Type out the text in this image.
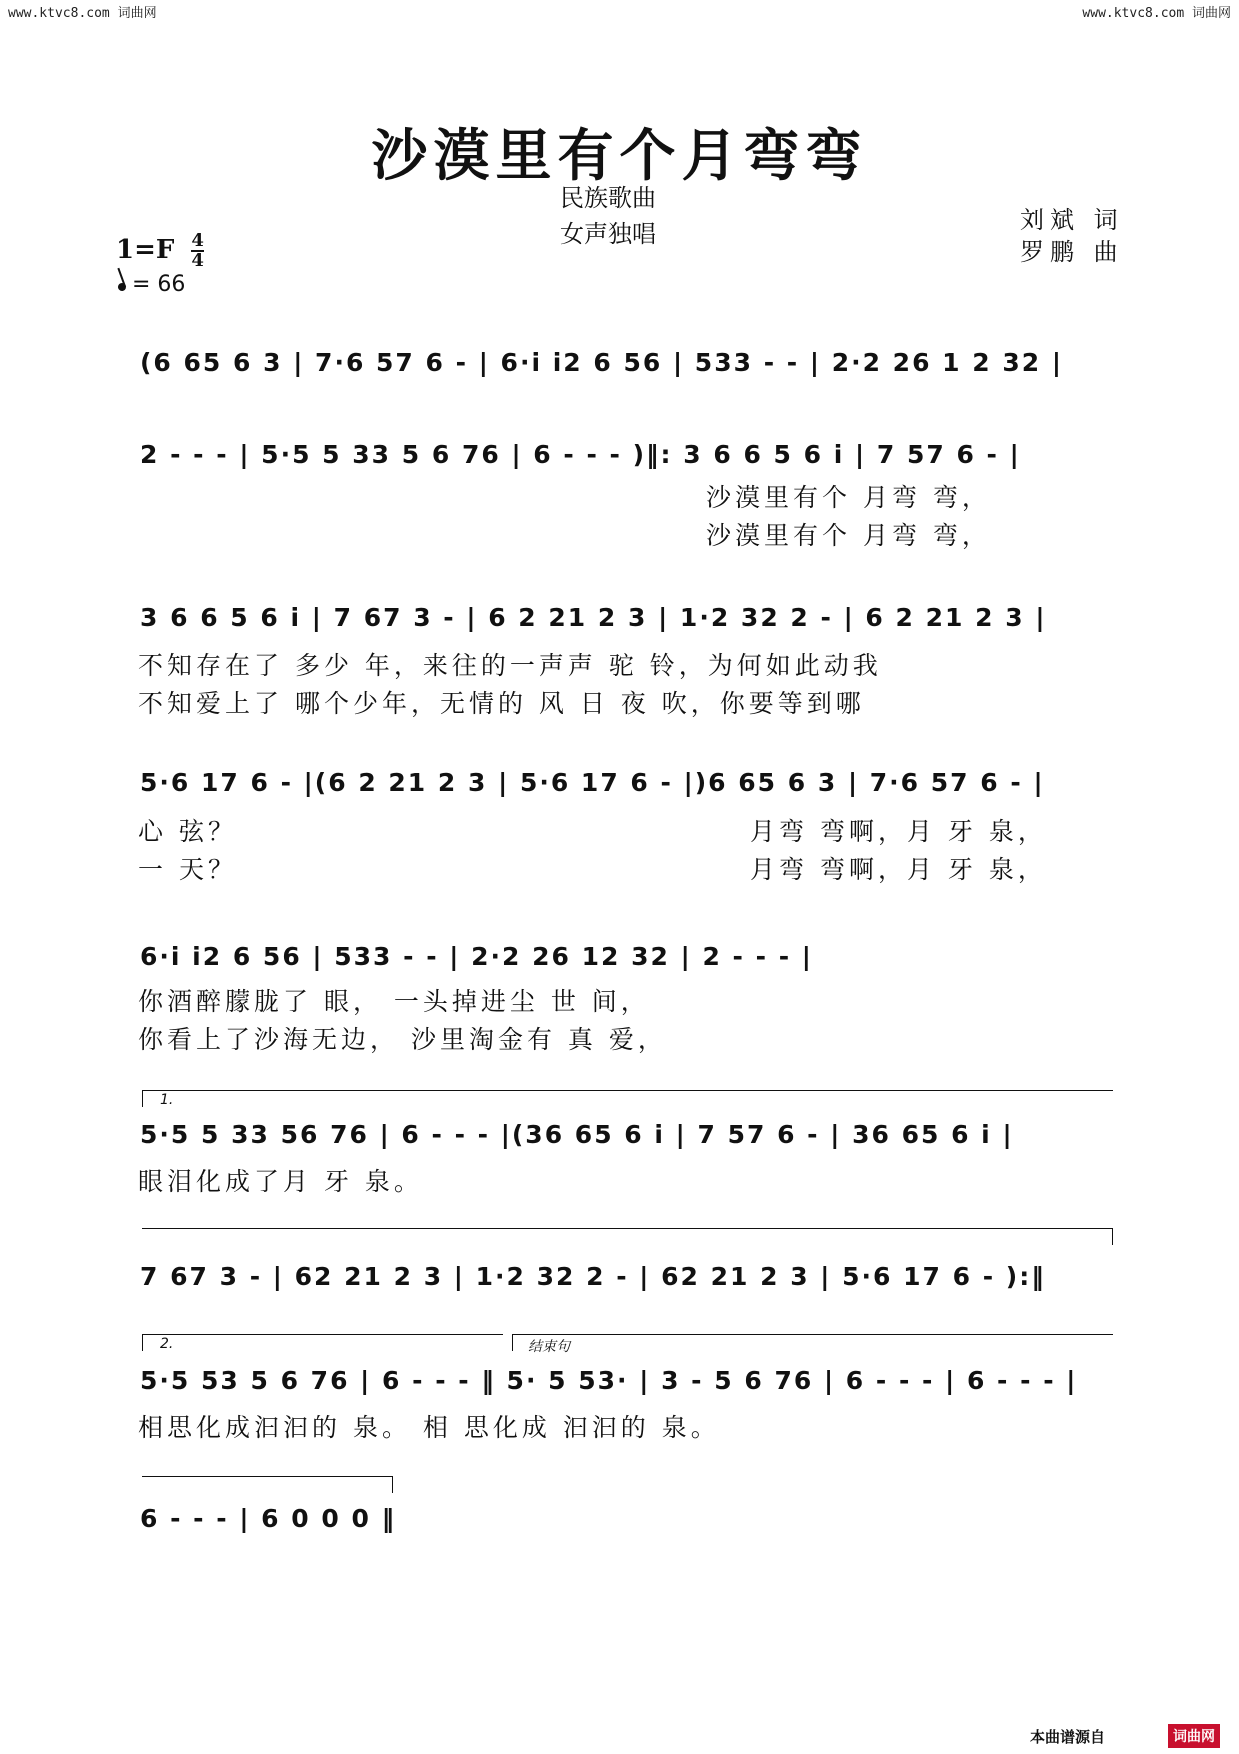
www.ktvc8.com 词曲网	www.ktvc8.com 词曲网
沙漠里有个月弯弯
民族歌曲
女声独唱	刘斌 词
罗鹏 曲
$1=F \frac{4}{4}$
= 66
(6 65 6 3 | 7·6 57 6 - | 6·i i2 6 56 | 533 - - | 2·2 26 1 2 32 |
2 - - - | 5·5 5 33 5 6 76 | 6 - - - )‖: 3 6 6 5 6 i | 7 57 6 - |
沙漠里有个 月弯 弯，
沙漠里有个 月弯 弯，
3 6 6 5 6 i | 7 67 3 - | 6 2 21 2 3 | 1·2 32 2 - | 6 2 21 2 3 |
不知存在了 多少 年，来往的一声声 驼 铃，为何如此动我
不知爱上了 哪个少年，无情的 风 日 夜 吹，你要等到哪
5·6 17 6 - |(6 2 21 2 3 | 5·6 17 6 - |)6 65 6 3 | 7·6 57 6 - |
心 弦？
一 天？
月弯 弯啊，月 牙 泉，
月弯 弯啊，月 牙 泉，
6·i i2 6 56 | 533 - - | 2·2 26 12 32 | 2 - - - |
你酒醉朦胧了 眼， 一头掉进尘 世 间，
你看上了沙海无边， 沙里淘金有 真 爱，
1.
5·5 5 33 56 76 | 6 - - - |(36 65 6 i | 7 57 6 - | 36 65 6 i |
眼泪化成了月 牙 泉。
7 67 3 - | 62 21 2 3 | 1·2 32 2 - | 62 21 2 3 | 5·6 17 6 - ):‖
2.	结束句
5·5 53 5 6 76 | 6 - - - ‖ 5· 5 53· | 3 - 5 6 76 | 6 - - - | 6 - - - |
相思化成汩汩的 泉。 相 思化成 汩汩的 泉。
6 - - - | 6 0 0 0 ‖
本曲谱源自	词曲网
